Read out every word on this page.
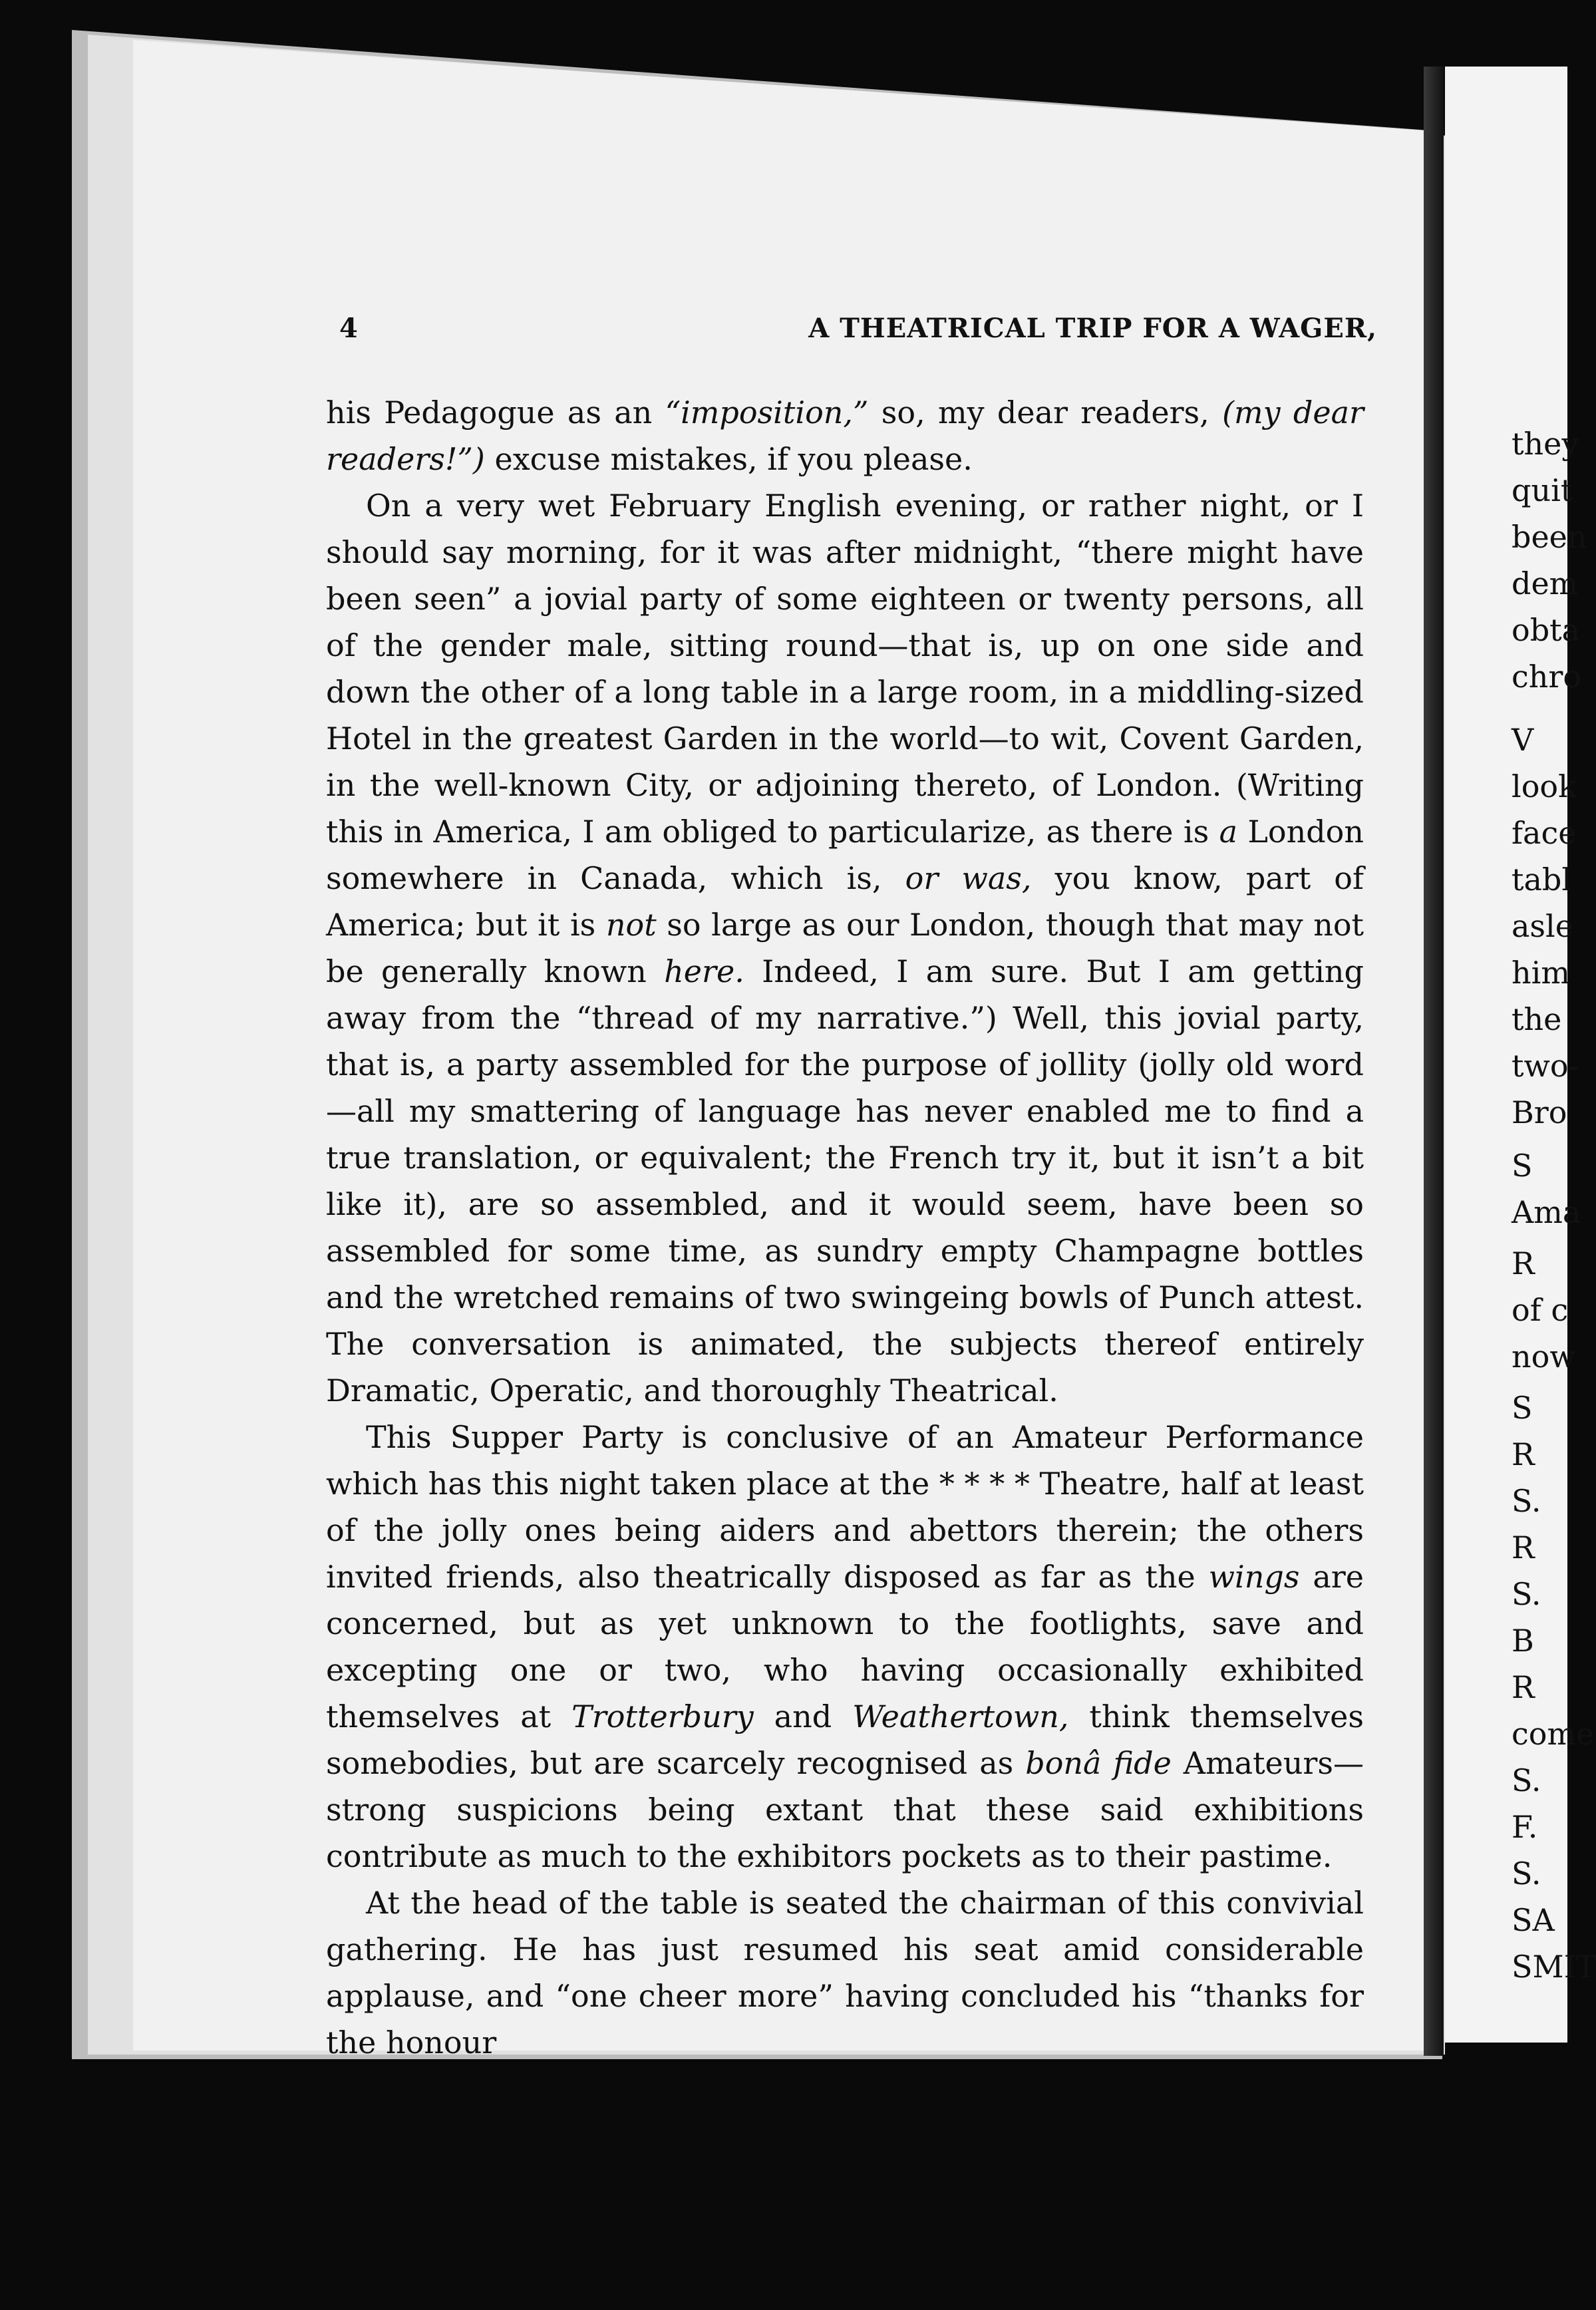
they

quit

been

dem

obta

chro

V

look

face

tabl

asle

him

the

two-

Bro

S

Ama

R

of c

now

S

R

S.

R

S.

B

R

come

S.

F.

S.

SA

SMIT

4	A THEATRICAL TRIP FOR A WAGER,

his Pedagogue as an “imposition,” so, my dear readers, (my dear readers!”) excuse mistakes, if you please.

On a very wet February English evening, or rather night, or I should say morning, for it was after midnight, “there might have been seen” a jovial party of some eighteen or twenty persons, all of the gender male, sitting round—that is, up on one side and down the other of a long table in a large room, in a middling-sized Hotel in the greatest Garden in the world—to wit, Covent Garden, in the well-known City, or adjoining thereto, of London. (Writing this in America, I am obliged to particularize, as there is a London somewhere in Canada, which is, or was, you know, part of America; but it is not so large as our London, though that may not be generally known here. Indeed, I am sure. But I am getting away from the “thread of my narrative.”) Well, this jovial party, that is, a party assembled for the purpose of jollity (jolly old word—all my smattering of language has never enabled me to find a true translation, or equivalent; the French try it, but it isn’t a bit like it), are so assembled, and it would seem, have been so assembled for some time, as sundry empty Champagne bottles and the wretched remains of two swingeing bowls of Punch attest. The conversation is animated, the subjects thereof entirely Dramatic, Operatic, and thoroughly Theatrical.

This Supper Party is conclusive of an Amateur Performance which has this night taken place at the * * * * Theatre, half at least of the jolly ones being aiders and abettors therein; the others invited friends, also theatrically disposed as far as the wings are concerned, but as yet unknown to the footlights, save and excepting one or two, who having occasionally exhibited themselves at Trotterbury and Weathertown, think themselves somebodies, but are scarcely recognised as bonâ fide Amateurs—strong suspicions being extant that these said exhibitions contribute as much to the exhibitors pockets as to their pastime.

At the head of the table is seated the chairman of this convivial gathering. He has just resumed his seat amid considerable applause, and “one cheer more” having concluded his “thanks for the honour
